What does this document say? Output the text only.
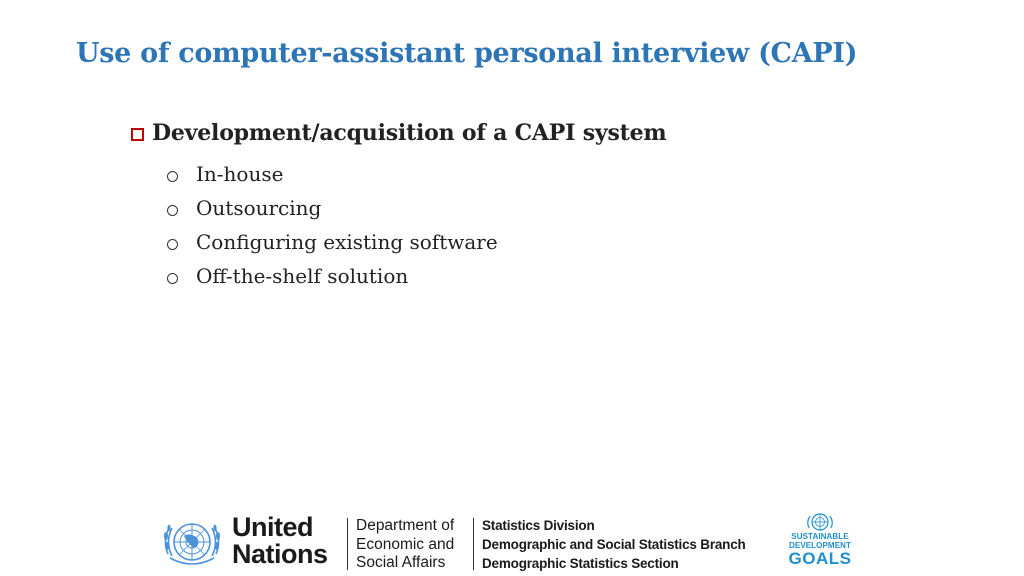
Use of computer-assistant personal interview (CAPI)
Development/acquisition of a CAPI system
In-house
Outsourcing
Configuring existing software
Off-the-shelf solution
United
Nations
Department of
Economic and
Social Affairs
Statistics Division
Demographic and Social Statistics Branch
Demographic Statistics Section
SUSTAINABLE
DEVELOPMENT
GOALS
